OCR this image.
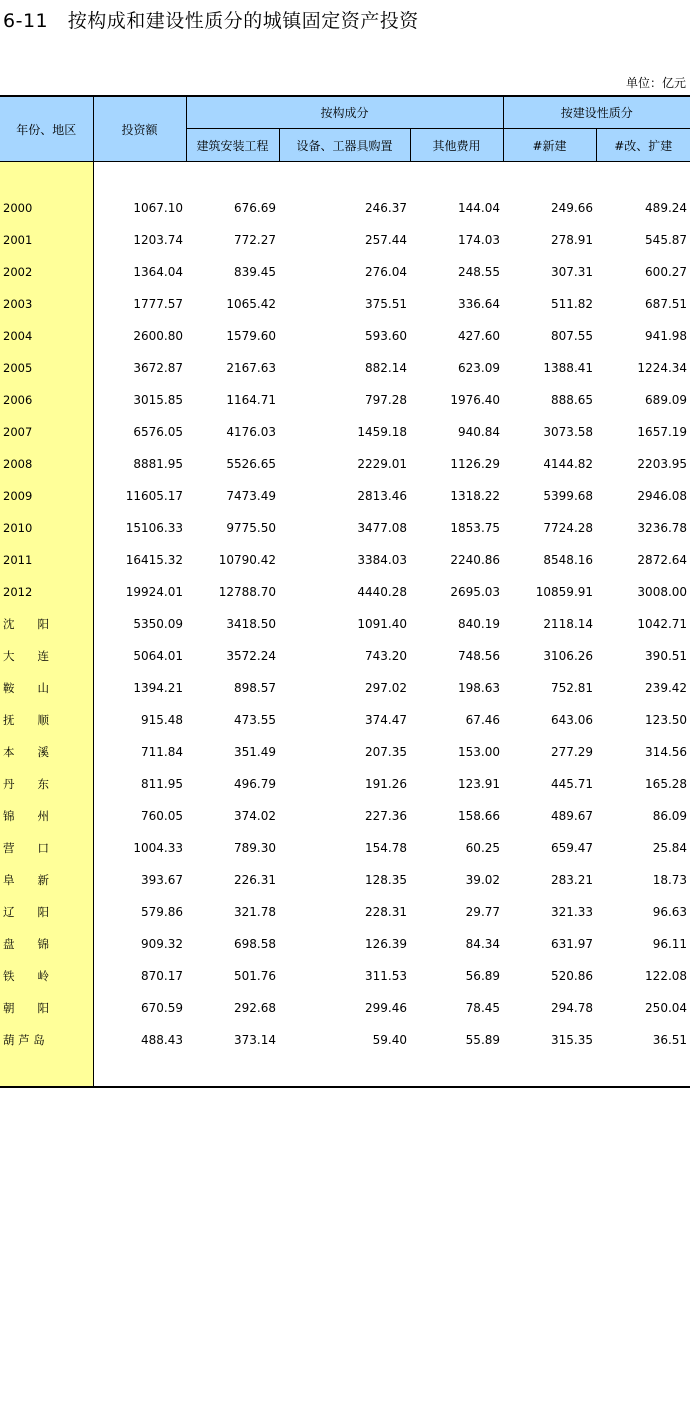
6-11   按构成和建设性质分的城镇固定资产投资
单位：亿元
年份、地区	投资额	按构成分			按建设性质分	
		建筑安装工程	设备、工器具购置	其他费用	#新建	#改、扩建

2000	1067.10	676.69	246.37	144.04	249.66	489.24
2001	1203.74	772.27	257.44	174.03	278.91	545.87
2002	1364.04	839.45	276.04	248.55	307.31	600.27
2003	1777.57	1065.42	375.51	336.64	511.82	687.51
2004	2600.80	1579.60	593.60	427.60	807.55	941.98
2005	3672.87	2167.63	882.14	623.09	1388.41	1224.34
2006	3015.85	1164.71	797.28	1976.40	888.65	689.09
2007	6576.05	4176.03	1459.18	940.84	3073.58	1657.19
2008	8881.95	5526.65	2229.01	1126.29	4144.82	2203.95
2009	11605.17	7473.49	2813.46	1318.22	5399.68	2946.08
2010	15106.33	9775.50	3477.08	1853.75	7724.28	3236.78
2011	16415.32	10790.42	3384.03	2240.86	8548.16	2872.64
2012	19924.01	12788.70	4440.28	2695.03	10859.91	3008.00
沈　　阳	5350.09	3418.50	1091.40	840.19	2118.14	1042.71
大　　连	5064.01	3572.24	743.20	748.56	3106.26	390.51
鞍　　山	1394.21	898.57	297.02	198.63	752.81	239.42
抚　　顺	915.48	473.55	374.47	67.46	643.06	123.50
本　　溪	711.84	351.49	207.35	153.00	277.29	314.56
丹　　东	811.95	496.79	191.26	123.91	445.71	165.28
锦　　州	760.05	374.02	227.36	158.66	489.67	86.09
营　　口	1004.33	789.30	154.78	60.25	659.47	25.84
阜　　新	393.67	226.31	128.35	39.02	283.21	18.73
辽　　阳	579.86	321.78	228.31	29.77	321.33	96.63
盘　　锦	909.32	698.58	126.39	84.34	631.97	96.11
铁　　岭	870.17	501.76	311.53	56.89	520.86	122.08
朝　　阳	670.59	292.68	299.46	78.45	294.78	250.04
葫 芦 岛	488.43	373.14	59.40	55.89	315.35	36.51
